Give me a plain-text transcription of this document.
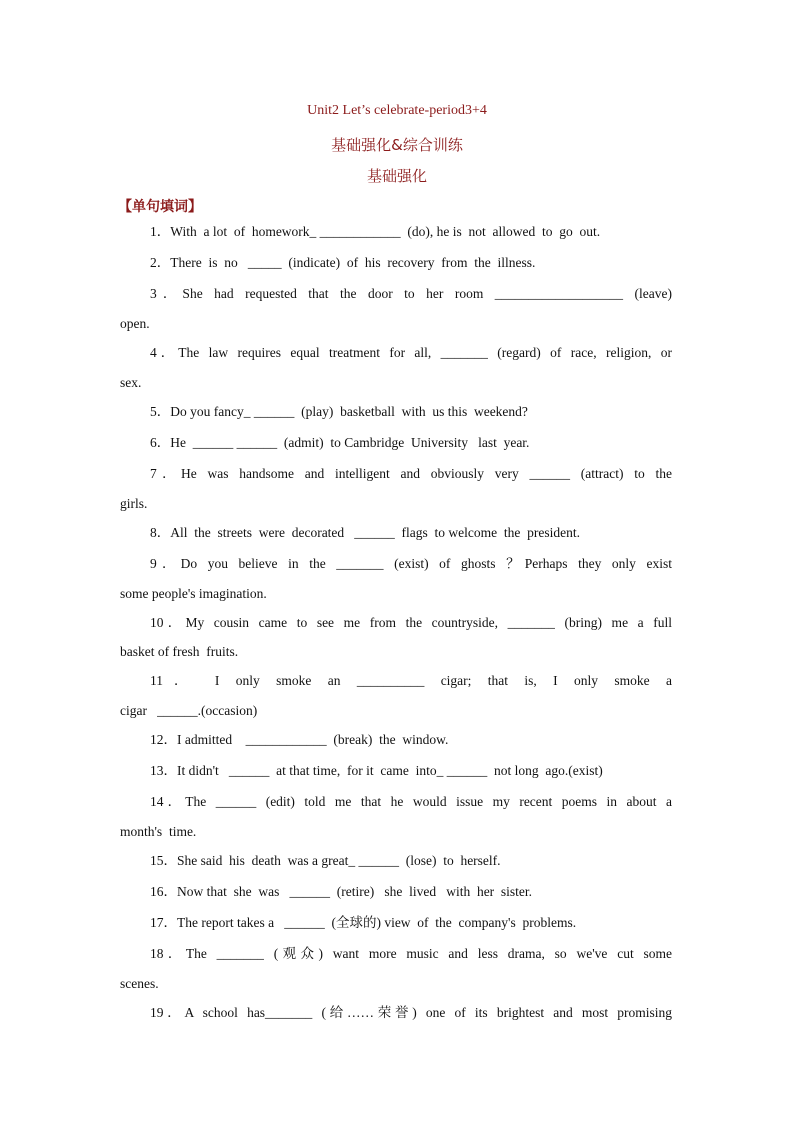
Unit2 Let’s celebrate-period3+4
基础强化&综合训练
基础强化
【单句填词】
1．With  a lot  of  homework_ ____________  (do), he is  not  allowed  to  go  out.
2．There  is  no   _____  (indicate)  of  his  recovery  from  the  illness.
3．She had requested that the door to her room ___________________ (leave)
open.
4．The law requires equal treatment for all, _______ (regard) of race, religion, or
sex.
5．Do you fancy_ ______  (play)  basketball  with  us this  weekend?
6．He  ______ ______  (admit)  to Cambridge  University   last  year.
7．He was handsome and intelligent and obviously very ______ (attract) to the
girls.
8．All  the  streets  were  decorated   ______  flags  to welcome  the  president.
9．Do you believe in the _______ (exist) of ghosts ？Perhaps they only exist
some people's imagination.
10．My cousin came to see me from the countryside, _______ (bring) me a full
basket of fresh  fruits.
11． I only smoke an __________ cigar; that is, I only smoke a
cigar   ______.(occasion)
12．I admitted    ____________  (break)  the  window.
13．It didn't   ______  at that time,  for it  came  into_ ______  not long  ago.(exist)
14．The ______ (edit) told me that he would issue my recent poems in about a
month's  time.
15．She said  his  death  was a great_ ______  (lose)  to  herself.
16．Now that  she  was   ______  (retire)   she  lived   with  her  sister.
17．The report takes a   ______  (全球的) view  of  the  company's  problems.
18．The _______ (观众) want more music and less drama, so we've cut some
scenes.
19．A school has_______ (给……荣誉) one of its brightest and most promising
